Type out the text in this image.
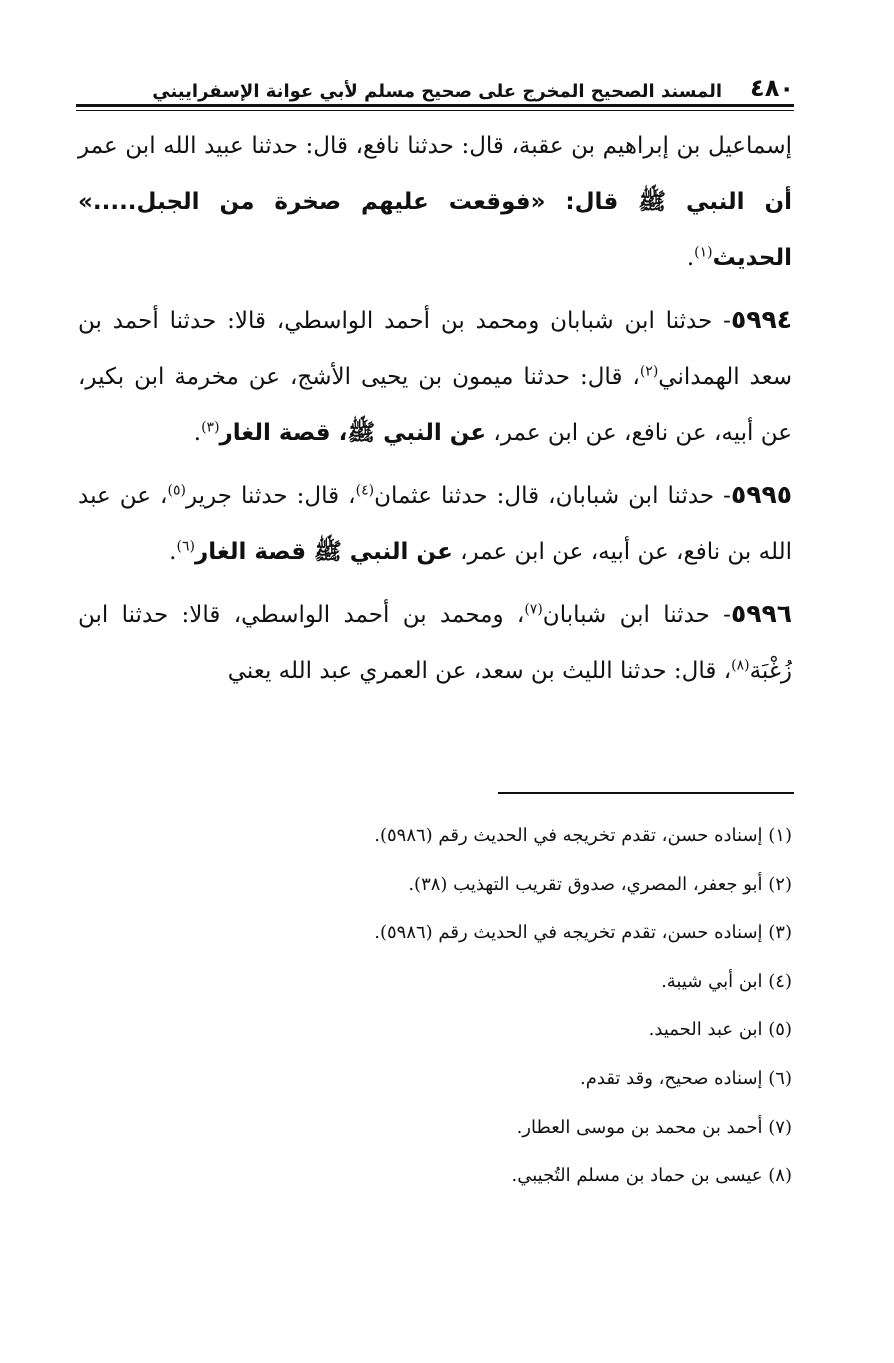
٤٨٠
المسند الصحيح المخرج على صحيح مسلم لأبي عوانة الإسفراييني

إسماعيل بن إبراهيم بن عقبة، قال: حدثنا نافع، قال: حدثنا عبيد الله ابن عمر أن النبي ﷺ قال: «فوقعت عليهم صخرة من الجبل.....» الحديث$^{(١)}$.

٥٩٩٤- حدثنا ابن شبابان ومحمد بن أحمد الواسطي، قالا: حدثنا أحمد بن سعد الهمداني$^{(٢)}$، قال: حدثنا ميمون بن يحيى الأشج، عن مخرمة ابن بكير، عن أبيه، عن نافع، عن ابن عمر، عن النبي ﷺ، قصة الغار$^{(٣)}$.

٥٩٩٥- حدثنا ابن شبابان، قال: حدثنا عثمان$^{(٤)}$، قال: حدثنا جرير$^{(٥)}$، عن عبد الله بن نافع، عن أبيه، عن ابن عمر، عن النبي ﷺ قصة الغار$^{(٦)}$.

٥٩٩٦- حدثنا ابن شبابان$^{(٧)}$، ومحمد بن أحمد الواسطي، قالا: حدثنا ابن زُغْبَة$^{(٨)}$، قال: حدثنا الليث بن سعد، عن العمري عبد الله يعني

(١) إسناده حسن، تقدم تخريجه في الحديث رقم (٥٩٨٦).
(٢) أبو جعفر، المصري، صدوق تقريب التهذيب (٣٨).
(٣) إسناده حسن، تقدم تخريجه في الحديث رقم (٥٩٨٦).
(٤) ابن أبي شيبة.
(٥) ابن عبد الحميد.
(٦) إسناده صحيح، وقد تقدم.
(٧) أحمد بن محمد بن موسى العطار.
(٨) عيسى بن حماد بن مسلم التُجيبي.
